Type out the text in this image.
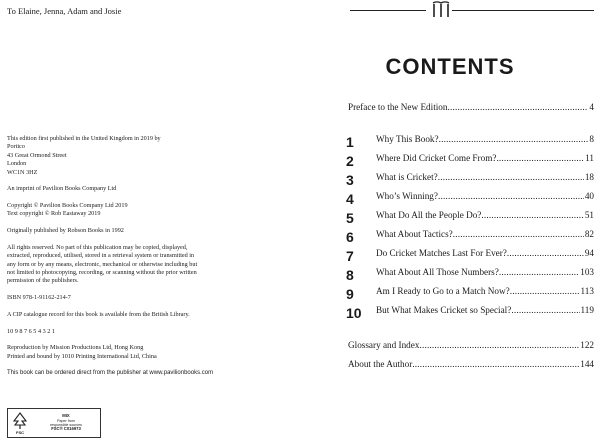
To Elaine, Jenna, Adam and Josie

This edition first published in the United Kingdom in 2019 by
Portico
43 Great Ormond Street
London
WC1N 3HZ

An imprint of Pavilion Books Company Ltd

Copyright © Pavilion Books Company Ltd 2019
Text copyright © Rob Eastaway 2019

Originally published by Robson Books in 1992

All rights reserved. No part of this publication may be copied, displayed,
extracted, reproduced, utilised, stored in a retrieval system or transmitted in
any form or by any means, electronic, mechanical or otherwise including but
not limited to photocopying, recording, or scanning without the prior written
permission of the publishers.

ISBN 978-1-91162-214-7

A CIP catalogue record for this book is available from the British Library.

10 9 8 7 6 5 4 3 2 1

Reproduction by Mission Productions Ltd, Hong Kong
Printed and bound by 1010 Printing International Ltd, China

This book can be ordered direct from the publisher at www.pavilionbooks.com

FSC
MIX
Paper from
responsible sources
FSC® C016973
CONTENTS
Preface to the New Edition .....	4
1 Why This Book? .....	8
2 Where Did Cricket Come From? .....	11
3 What is Cricket? .....	18
4 Who’s Winning? .....	40
5 What Do All the People Do? .....	51
6 What About Tactics? .....	82
7 Do Cricket Matches Last For Ever? .....	94
8 What About All Those Numbers? .....	103
9 Am I Ready to Go to a Match Now? .....	113
10 But What Makes Cricket so Special? .....	119
Glossary and Index .....	122
About the Author .....	144
